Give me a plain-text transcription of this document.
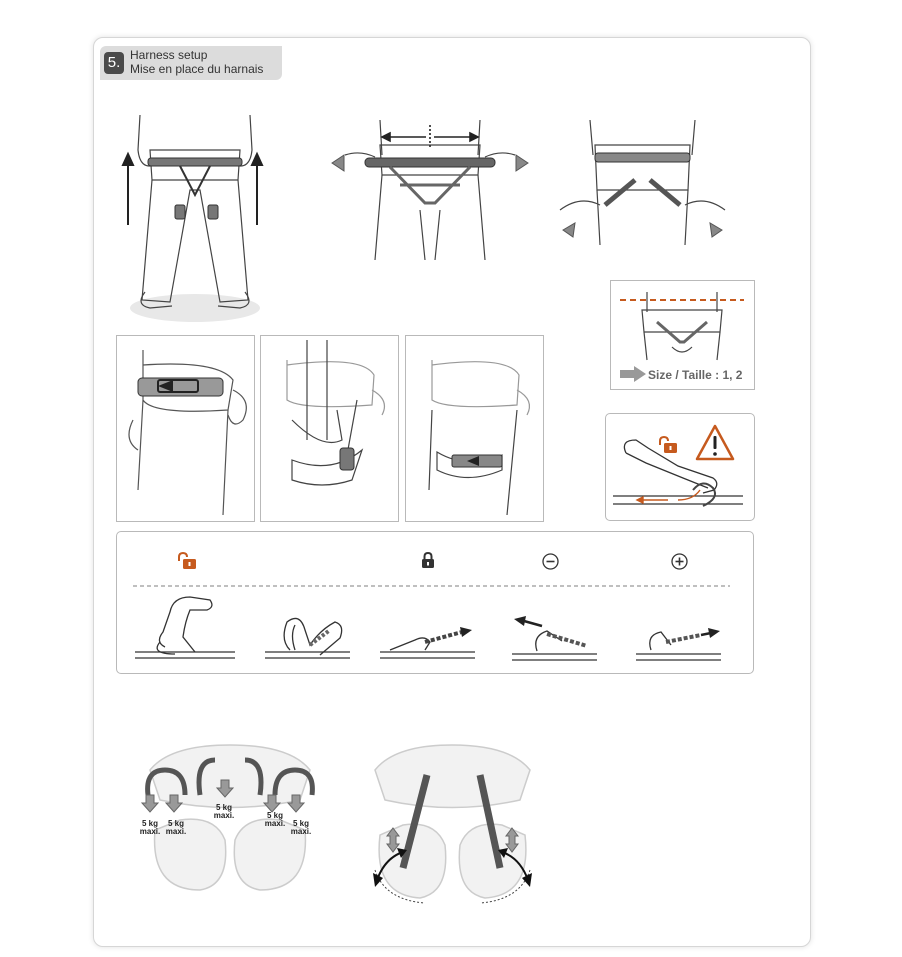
5. Harness setup
Mise en place du harnais
Size / Taille : 1, 2
5 kg
maxi.
5 kg
maxi.
5 kg
maxi.	5 kg
maxi. 5 kg
maxi.
